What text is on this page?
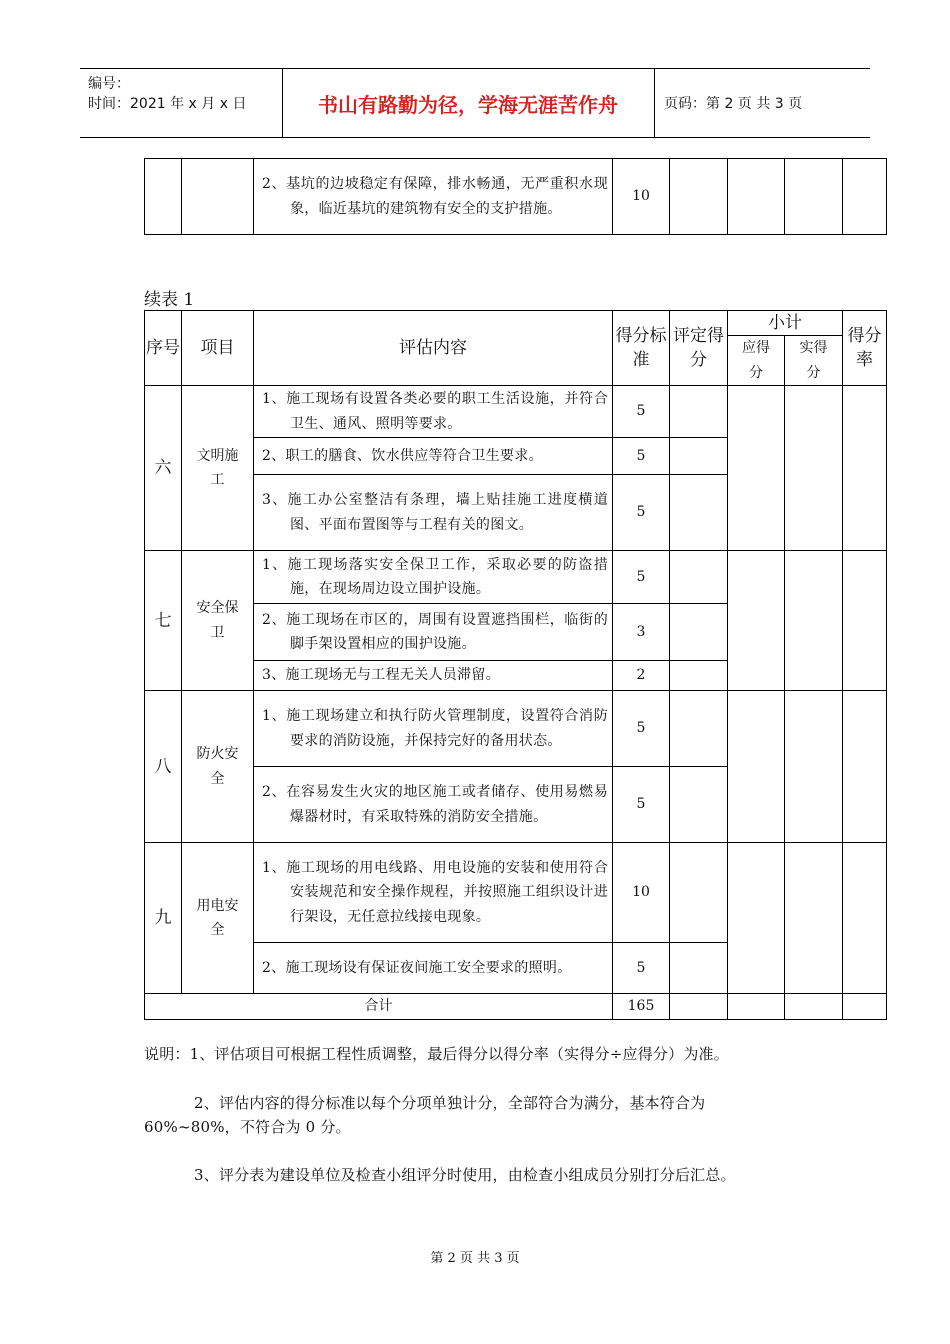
编号：
时间：2021 年 x 月 x 日	书山有路勤为径，学海无涯苦作舟	页码：第 2 页 共 3 页
		2、基坑的边坡稳定有保障，排水畅通，无严重积水现象，临近基坑的建筑物有安全的支护措施。	10				
续表 1
序号	项目	评估内容	得分标准	评定得分	小计		得分率
					应得分	实得分	
六	文明施工	1、施工现场有设置各类必要的职工生活设施，并符合卫生、通风、照明等要求。	5				
		2、职工的膳食、饮水供应等符合卫生要求。	5				
		3、施工办公室整洁有条理，墙上贴挂施工进度横道图、平面布置图等与工程有关的图文。	5				
七	安全保卫	1、施工现场落实安全保卫工作，采取必要的防盗措施，在现场周边设立围护设施。	5				
		2、施工现场在市区的，周围有设置遮挡围栏，临街的脚手架设置相应的围护设施。	3				
		3、施工现场无与工程无关人员滞留。	2				
八	防火安全	1、施工现场建立和执行防火管理制度，设置符合消防要求的消防设施，并保持完好的备用状态。	5				
		2、在容易发生火灾的地区施工或者储存、使用易燃易爆器材时，有采取特殊的消防安全措施。	5				
九	用电安全	1、施工现场的用电线路、用电设施的安装和使用符合安装规范和安全操作规程，并按照施工组织设计进行架设，无任意拉线接电现象。	10				
		2、施工现场设有保证夜间施工安全要求的照明。	5				
合计			165				
说明：1、评估项目可根据工程性质调整，最后得分以得分率（实得分÷应得分）为准。
2、评估内容的得分标准以每个分项单独计分，全部符合为满分，基本符合为
60%~80%，不符合为 0 分。
3、评分表为建设单位及检查小组评分时使用，由检查小组成员分别打分后汇总。
第 2 页 共 3 页
